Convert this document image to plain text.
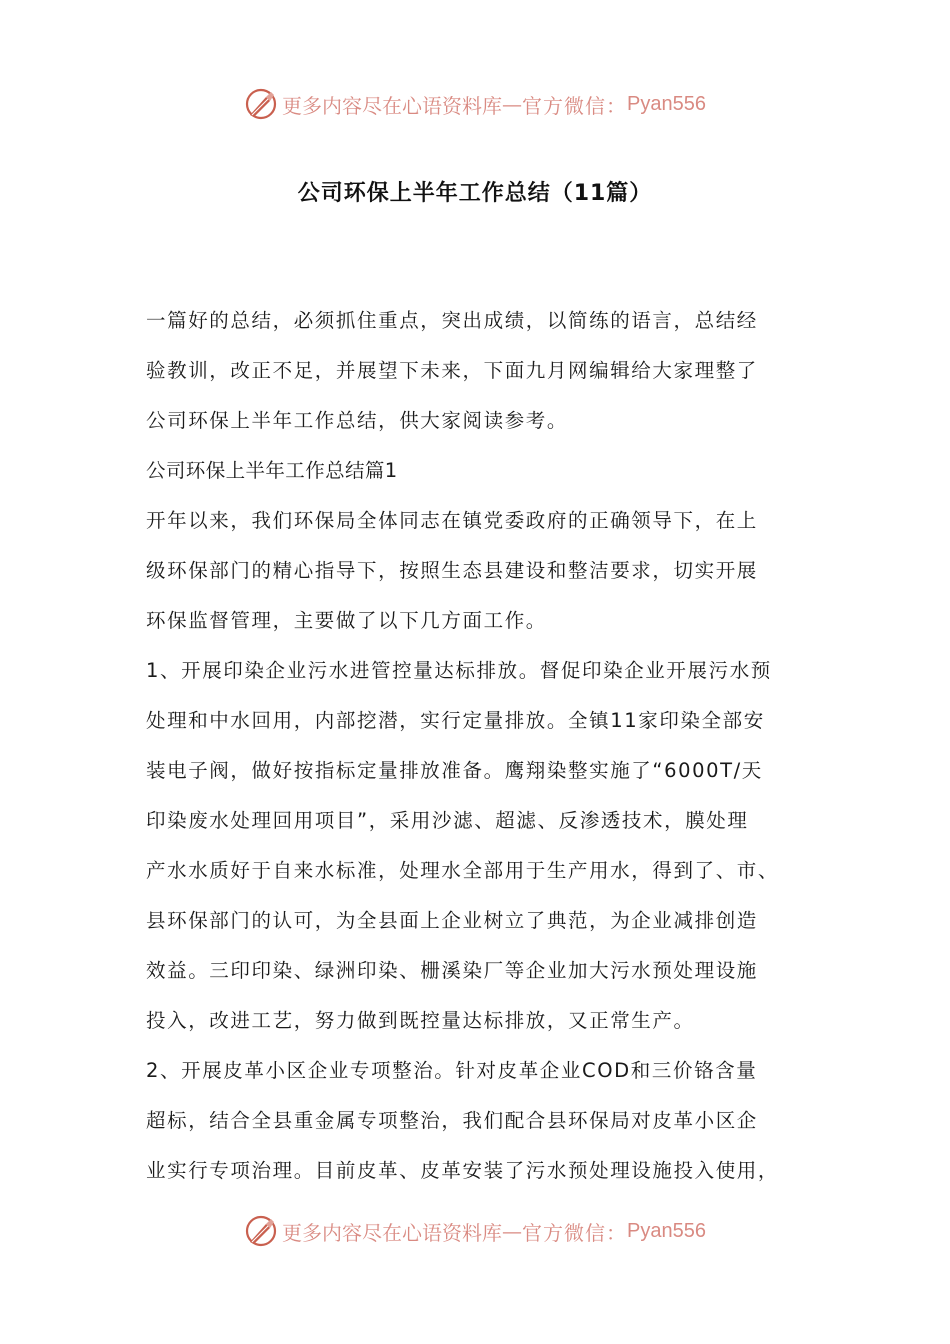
更多内容尽在心语资料库 — 官方微信： Pyan556
公司环保上半年工作总结（11篇）
一篇好的总结，必须抓住重点，突出成绩，以简练的语言，总结经
验教训，改正不足，并展望下未来，下面九月网编辑给大家理整了
公司环保上半年工作总结，供大家阅读参考。
公司环保上半年工作总结篇1
开年以来，我们环保局全体同志在镇党委政府的正确领导下，在上
级环保部门的精心指导下，按照生态县建设和整洁要求，切实开展
环保监督管理，主要做了以下几方面工作。
1、开展印染企业污水进管控量达标排放。督促印染企业开展污水预
处理和中水回用，内部挖潜，实行定量排放。全镇11家印染全部安
装电子阀，做好按指标定量排放准备。鹰翔染整实施了“6000T/天
印染废水处理回用项目”，采用沙滤、超滤、反渗透技术，膜处理
产水水质好于自来水标准，处理水全部用于生产用水，得到了、市、
县环保部门的认可，为全县面上企业树立了典范，为企业减排创造
效益。三印印染、绿洲印染、栅溪染厂等企业加大污水预处理设施
投入，改进工艺，努力做到既控量达标排放，又正常生产。
2、开展皮革小区企业专项整治。针对皮革企业COD和三价铬含量
超标，结合全县重金属专项整治，我们配合县环保局对皮革小区企
业实行专项治理。目前皮革、皮革安装了污水预处理设施投入使用，
更多内容尽在心语资料库 — 官方微信： Pyan556
